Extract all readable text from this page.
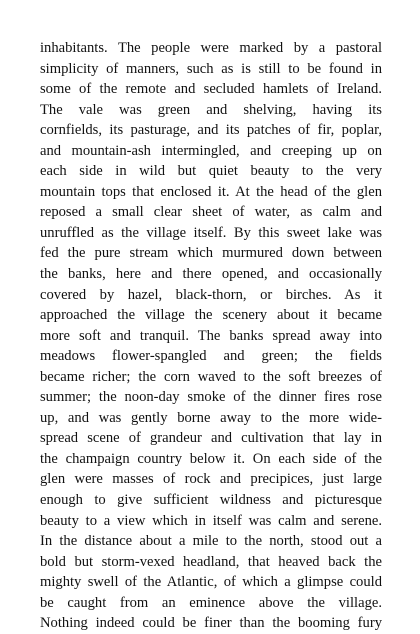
inhabitants. The people were marked by a pastoral
simplicity of manners, such as is still to be found in
some of the remote and secluded hamlets of Ireland.
The vale was green and shelving, having its
cornfields, its pasturage, and its patches of fir, poplar,
and mountain-ash intermingled, and creeping up on
each side in wild but quiet beauty to the very
mountain tops that enclosed it. At the head of the glen
reposed a small clear sheet of water, as calm and
unruffled as the village itself. By this sweet lake was
fed the pure stream which murmured down between
the banks, here and there opened, and occasionally
covered by hazel, black-thorn, or birches. As it
approached the village the scenery about it became
more soft and tranquil. The banks spread away into
meadows flower-spangled and green; the fields
became richer; the corn waved to the soft breezes of
summer; the noon-day smoke of the dinner fires rose
up, and was gently borne away to the more wide-
spread scene of grandeur and cultivation that lay in
the champaign country below it. On each side of the
glen were masses of rock and precipices, just large
enough to give sufficient wildness and picturesque
beauty to a view which in itself was calm and serene.
In the distance about a mile to the north, stood out a
bold but storm-vexed headland, that heaved back the
mighty swell of the Atlantic, of which a glimpse could
be caught from an eminence above the village.
Nothing indeed could be finer than the booming fury
